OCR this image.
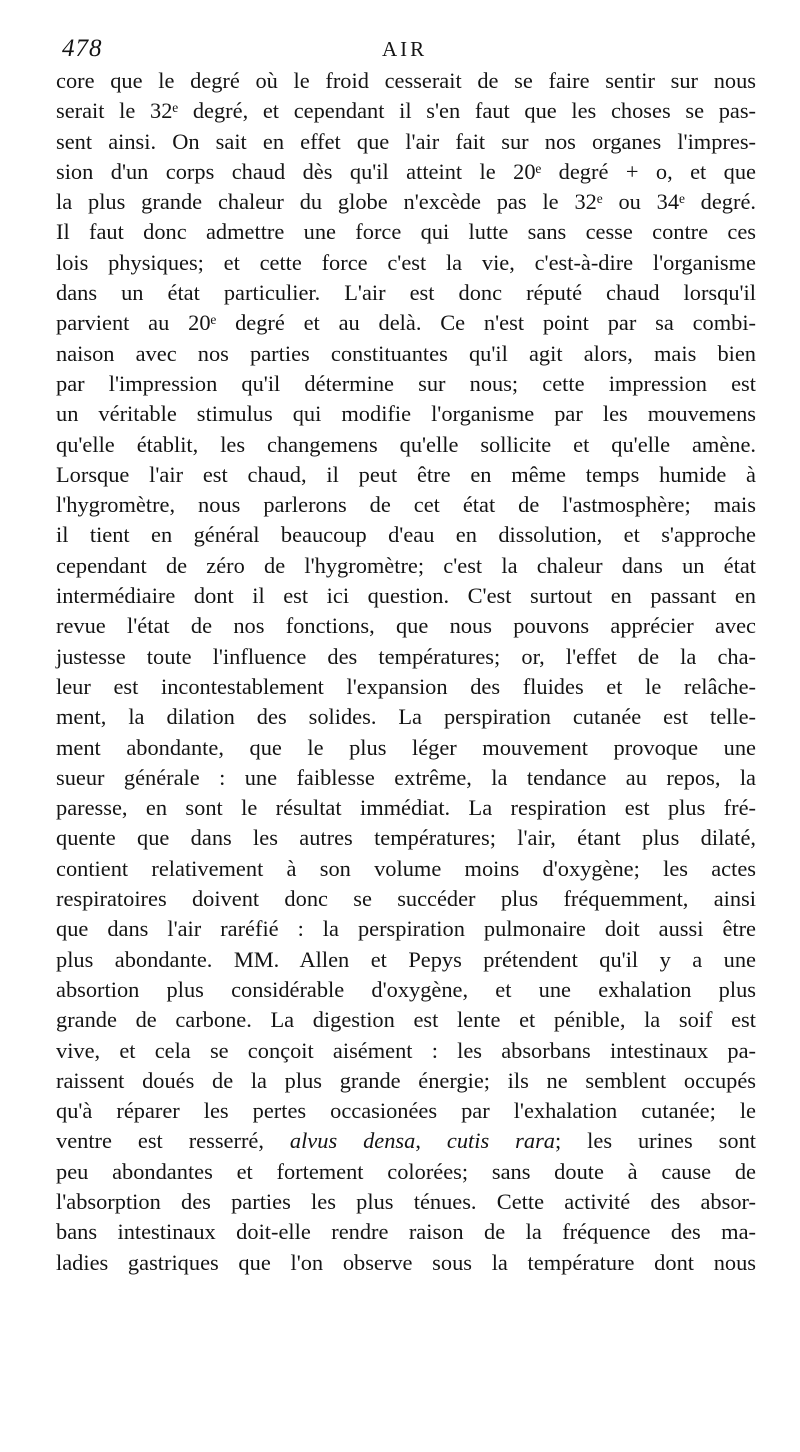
478	AIR
core que le degré où le froid cesserait de se faire sentir sur nous
serait le 32ᵉ degré, et cependant il s'en faut que les choses se pas-
sent ainsi. On sait en effet que l'air fait sur nos organes l'impres-
sion d'un corps chaud dès qu'il atteint le 20ᵉ degré + o, et que
la plus grande chaleur du globe n'excède pas le 32ᵉ ou 34ᵉ degré.
Il faut donc admettre une force qui lutte sans cesse contre ces
lois physiques; et cette force c'est la vie, c'est-à-dire l'organisme
dans un état particulier. L'air est donc réputé chaud lorsqu'il
parvient au 20ᵉ degré et au delà. Ce n'est point par sa combi-
naison avec nos parties constituantes qu'il agit alors, mais bien
par l'impression qu'il détermine sur nous; cette impression est
un véritable stimulus qui modifie l'organisme par les mouvemens
qu'elle établit, les changemens qu'elle sollicite et qu'elle amène.
Lorsque l'air est chaud, il peut être en même temps humide à
l'hygromètre, nous parlerons de cet état de l'astmosphère; mais
il tient en général beaucoup d'eau en dissolution, et s'approche
cependant de zéro de l'hygromètre; c'est la chaleur dans un état
intermédiaire dont il est ici question. C'est surtout en passant en
revue l'état de nos fonctions, que nous pouvons apprécier avec
justesse toute l'influence des températures; or, l'effet de la cha-
leur est incontestablement l'expansion des fluides et le relâche-
ment, la dilation des solides. La perspiration cutanée est telle-
ment abondante, que le plus léger mouvement provoque une
sueur générale : une faiblesse extrême, la tendance au repos, la
paresse, en sont le résultat immédiat. La respiration est plus fré-
quente que dans les autres températures; l'air, étant plus dilaté,
contient relativement à son volume moins d'oxygène; les actes
respiratoires doivent donc se succéder plus fréquemment, ainsi
que dans l'air raréfié : la perspiration pulmonaire doit aussi être
plus abondante. MM. Allen et Pepys prétendent qu'il y a une
absortion plus considérable d'oxygène, et une exhalation plus
grande de carbone. La digestion est lente et pénible, la soif est
vive, et cela se conçoit aisément : les absorbans intestinaux pa-
raissent doués de la plus grande énergie; ils ne semblent occupés
qu'à réparer les pertes occasionées par l'exhalation cutanée; le
ventre est resserré, alvus densa, cutis rara; les urines sont
peu abondantes et fortement colorées; sans doute à cause de
l'absorption des parties les plus ténues. Cette activité des absor-
bans intestinaux doit-elle rendre raison de la fréquence des ma-
ladies gastriques que l'on observe sous la température dont nous
